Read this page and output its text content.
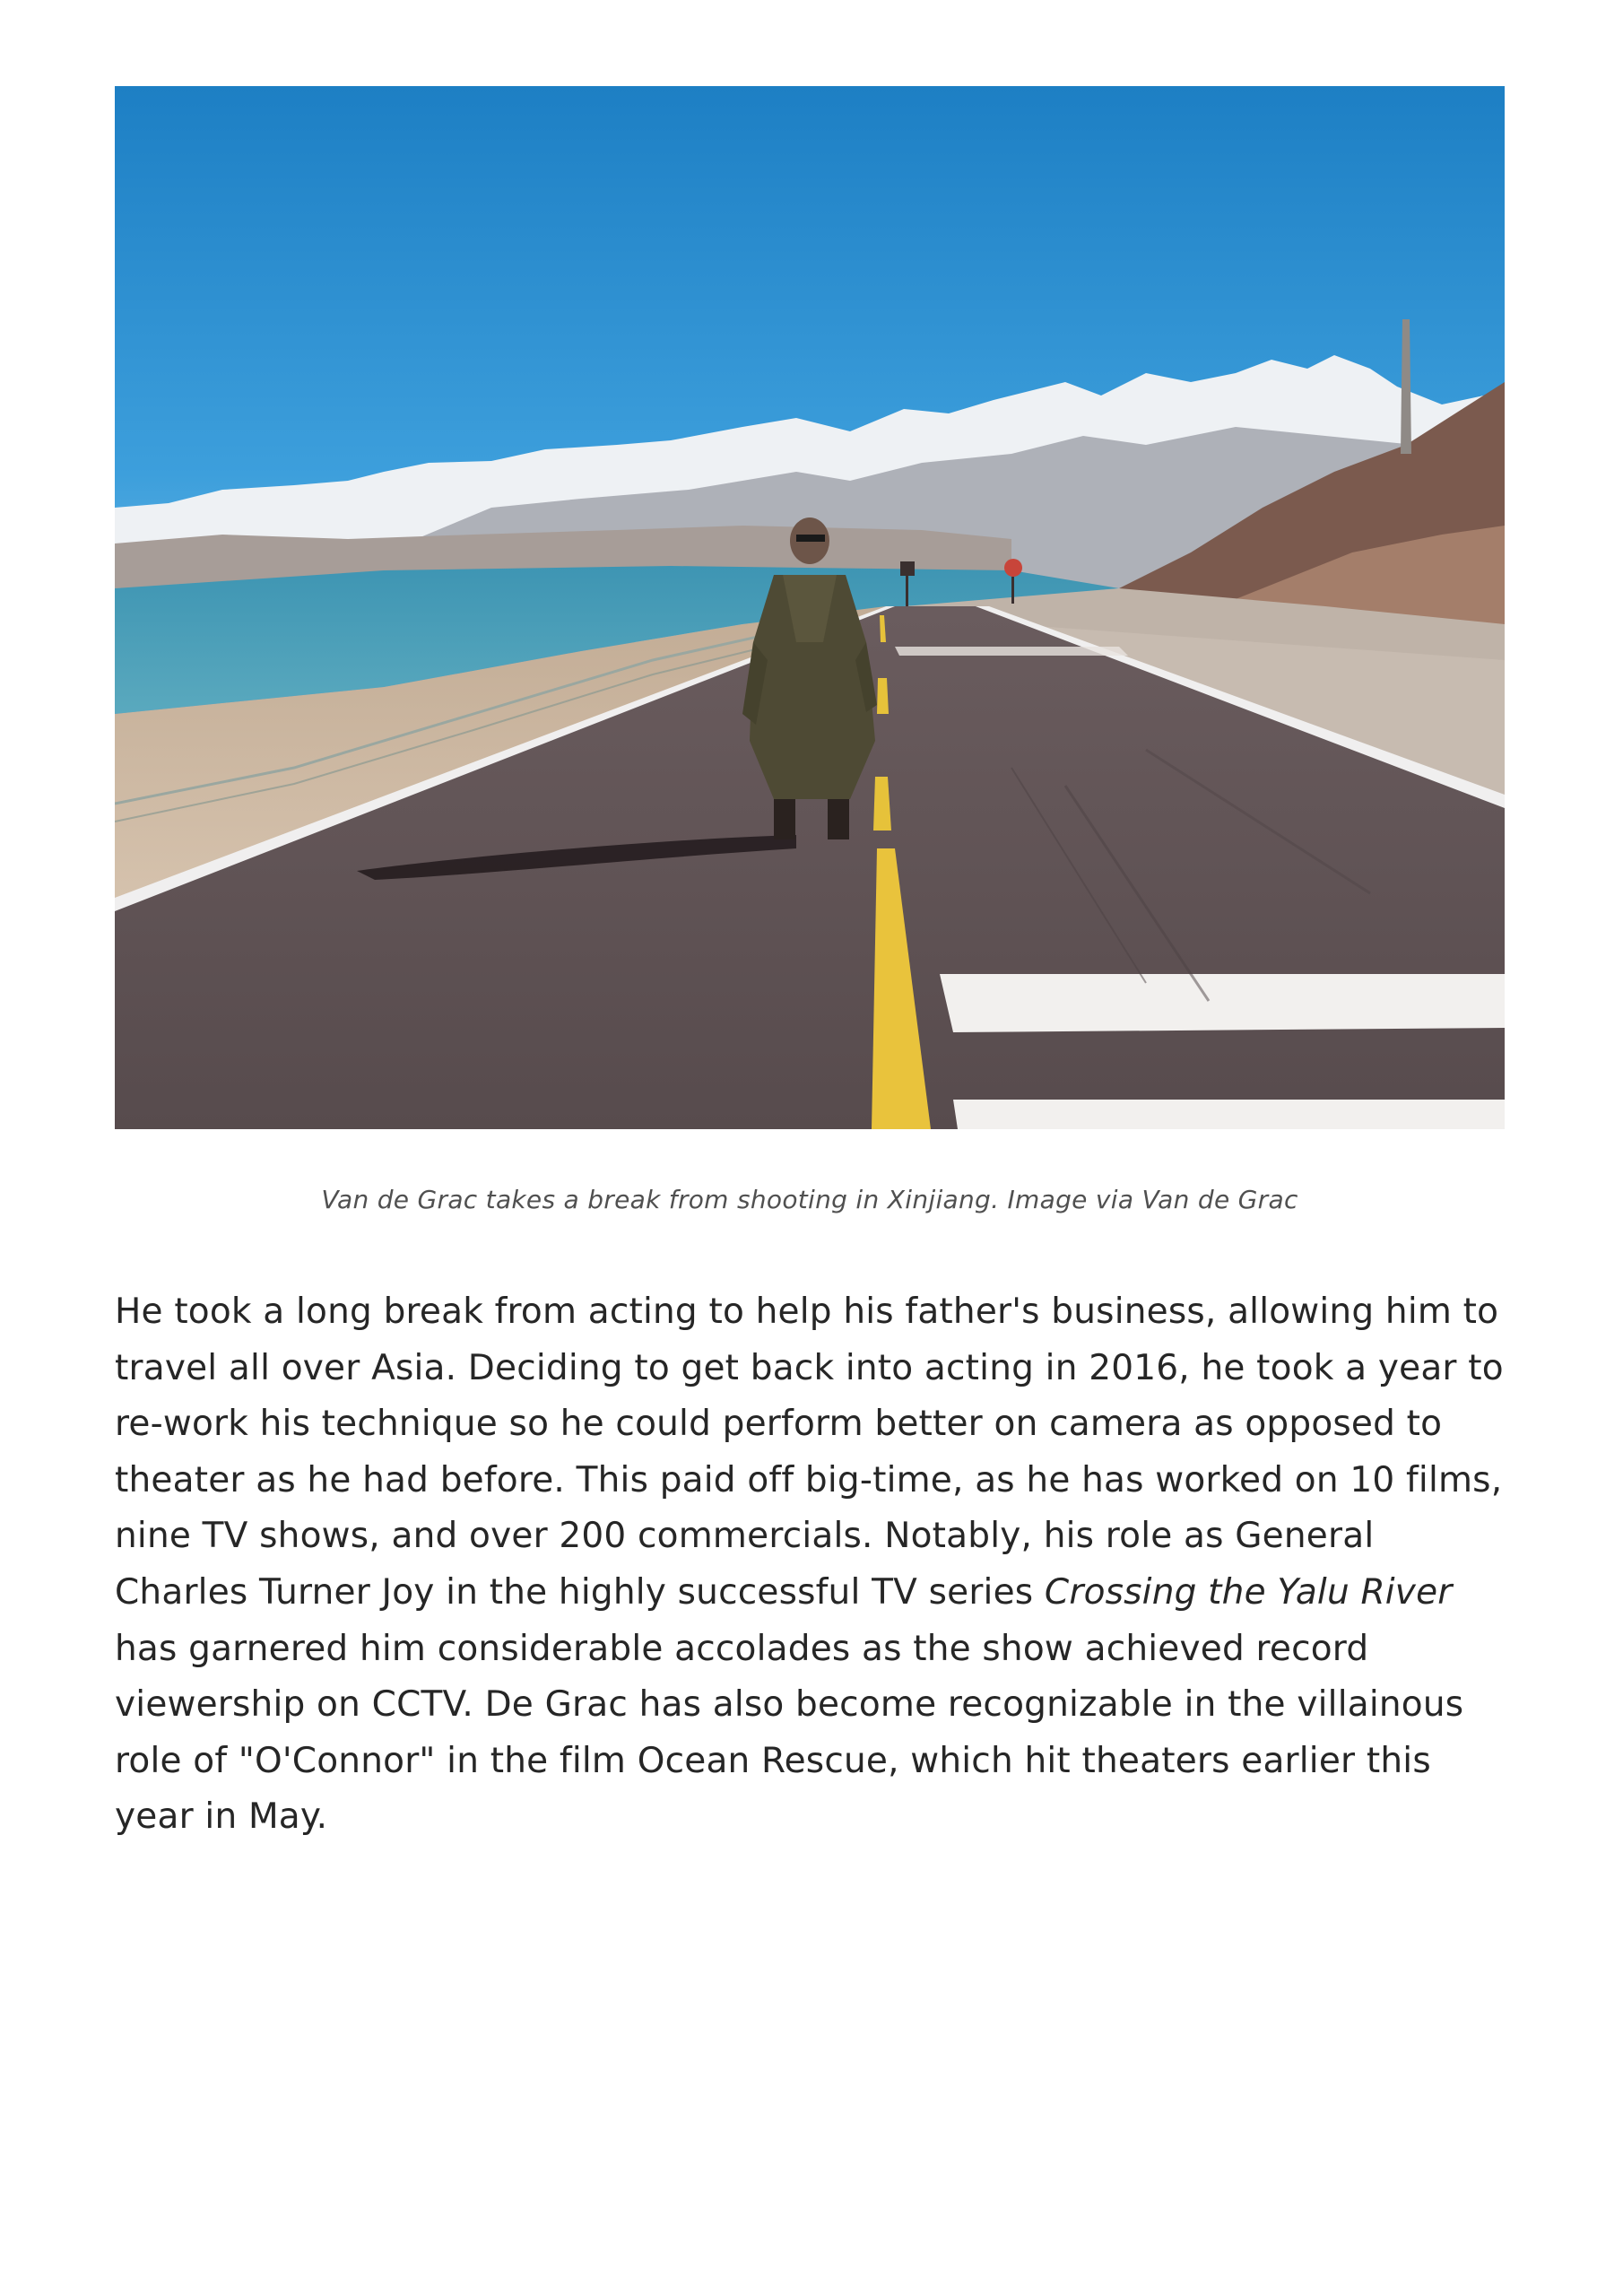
Van de Grac takes a break from shooting in Xinjiang. Image via Van de Grac

He took a long break from acting to help his father's business, allowing him to travel all over Asia. Deciding to get back into acting in 2016, he took a year to re-work his technique so he could perform better on camera as opposed to theater as he had before. This paid off big-time, as he has worked on 10 films, nine TV shows, and over 200 commercials. Notably, his role as General Charles Turner Joy in the highly successful TV series Crossing the Yalu River has garnered him considerable accolades as the show achieved record viewership on CCTV. De Grac has also become recognizable in the villainous role of "O'Connor" in the film Ocean Rescue, which hit theaters earlier this year in May.
